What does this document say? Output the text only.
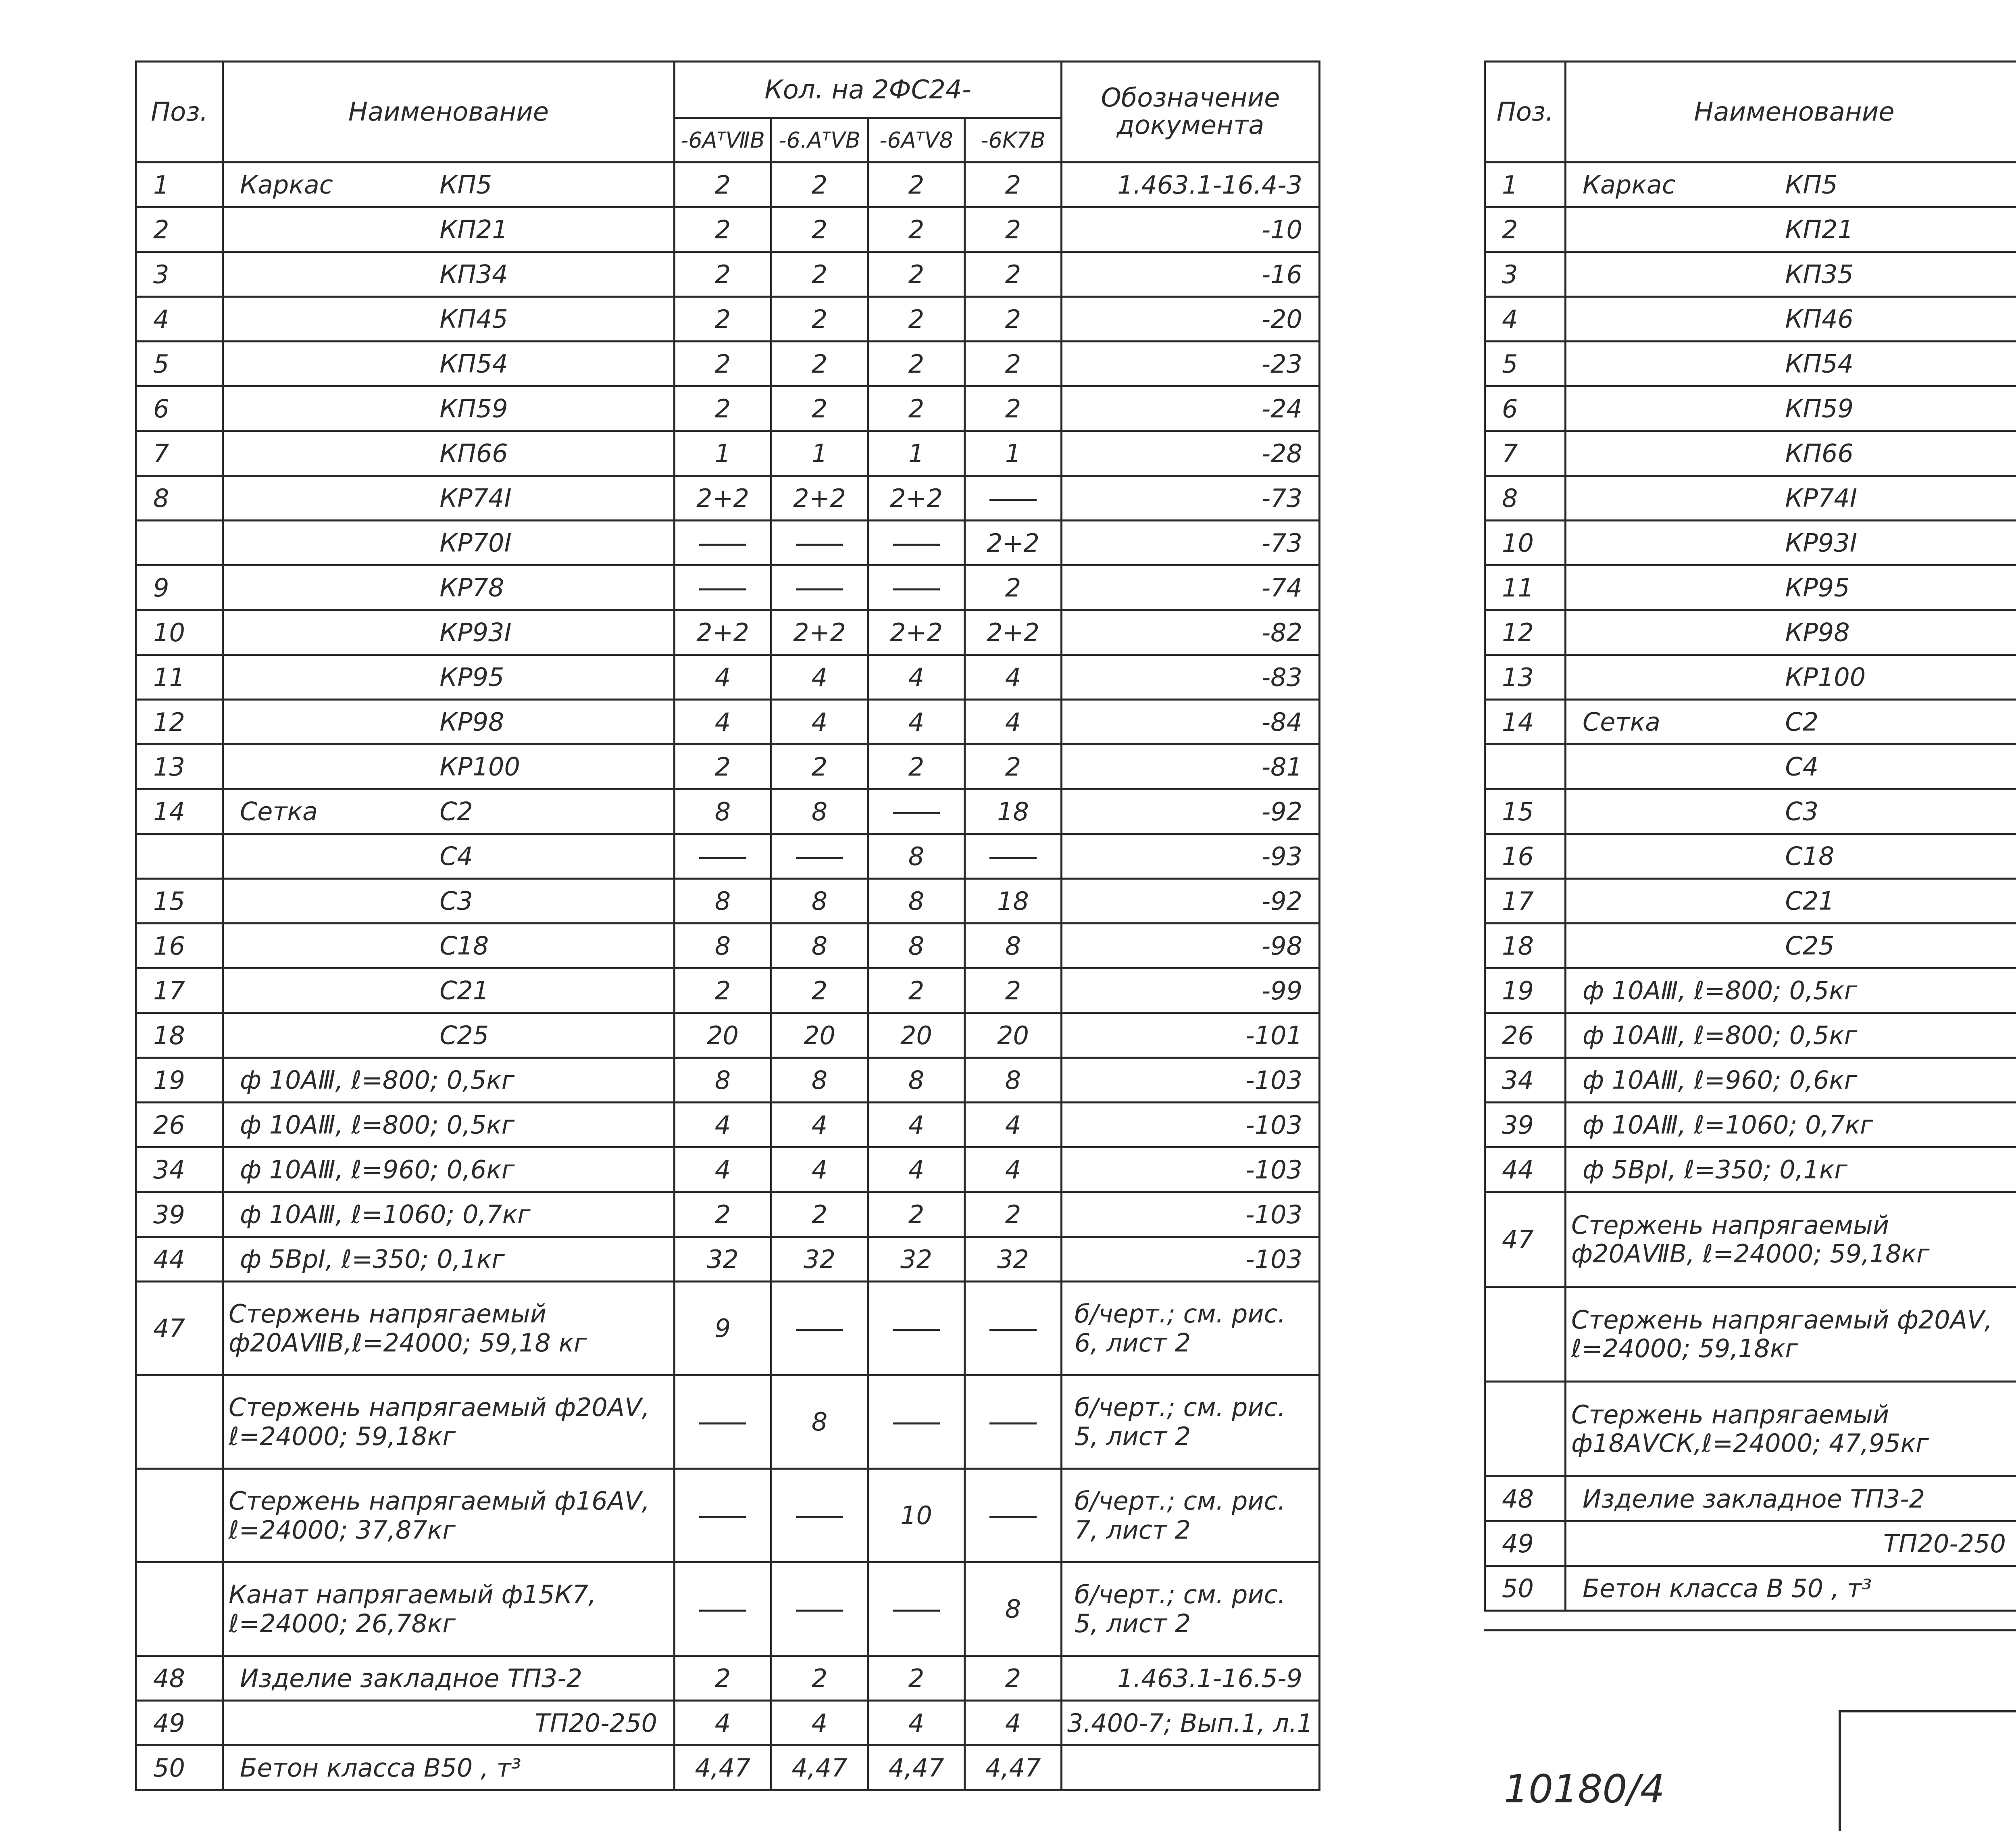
Поз.	Наименование	Кол. на 2ФС24-				Обозначение документа
		-6AᵀⅦB	-6.AᵀⅤB	-6AᵀⅤ8	-6K7B	
1	Каркас КП5	2	2	2	2	1.463.1-16.4-3
2	КП21	2	2	2	2	-10
3	КП34	2	2	2	2	-16
4	КП45	2	2	2	2	-20
5	КП54	2	2	2	2	-23
6	КП59	2	2	2	2	-24
7	КП66	1	1	1	1	-28
8	КР74Ⅰ	2+2	2+2	2+2		-73

	КР70Ⅰ				2+2	-73
9	КР78				2	-74
10	КР93Ⅰ	2+2	2+2	2+2	2+2	-82
11	КР95	4	4	4	4	-83
12	КР98	4	4	4	4	-84
13	КР100	2	2	2	2	-81
14	Сетка С2	8	8		18	-92

	С4			8		-93
15	С3	8	8	8	18	-92
16	С18	8	8	8	8	-98
17	С21	2	2	2	2	-99
18	С25	20	20	20	20	-101
19	ф 10АⅢ, ℓ=800; 0,5кг	8	8	8	8	-103
26	ф 10АⅢ, ℓ=800; 0,5кг	4	4	4	4	-103
34	ф 10АⅢ, ℓ=960; 0,6кг	4	4	4	4	-103
39	ф 10АⅢ, ℓ=1060; 0,7кг	2	2	2	2	-103
44	ф 5ВрⅠ, ℓ=350; 0,1кг	32	32	32	32	-103
47	Стержень напрягаемый ф20АⅦВ,ℓ=24000; 59,18 кг	9				б/черт.; см. рис. 6, лист 2
	Стержень напрягаемый ф20АⅤ, ℓ=24000; 59,18кг		8			б/черт.; см. рис. 5, лист 2
	Стержень напрягаемый ф16АⅤ, ℓ=24000; 37,87кг			10		б/черт.; см. рис. 7, лист 2
	Канат напрягаемый ф15К7, ℓ=24000; 26,78кг				8	б/черт.; см. рис. 5, лист 2
48	Изделие закладное ТП3-2	2	2	2	2	1.463.1-16.5-9
49	ТП20-250	4	4	4	4	3.400-7; Вып.1, л.1
50	Бетон класса В50 , т³	4,47	4,47	4,47	4,47	
Поз.	Наименование		

1	Каркас КП5

2	КП21

3	КП35

4	КП46

5	КП54

6	КП59

7	КП66

8	КР74Ⅰ

10	КР93Ⅰ

11	КР95

12	КР98

13	КР100

14	Сетка С2

	С4

15	С3

16	С18

17	С21

18	С25

19	ф 10АⅢ, ℓ=800; 0,5кг

26	ф 10АⅢ, ℓ=800; 0,5кг

34	ф 10АⅢ, ℓ=960; 0,6кг

39	ф 10АⅢ, ℓ=1060; 0,7кг

44	ф 5ВрⅠ, ℓ=350; 0,1кг

47	Стержень напрягаемый ф20АⅦВ, ℓ=24000; 59,18кг				
	Стержень напрягаемый ф20АⅤ, ℓ=24000; 59,18кг				
	Стержень напрягаемый ф18АⅤСК,ℓ=24000; 47,95кг				
48	Изделие закладное ТП3-2				
49	ТП20-250				
50	Бетон класса В 50 , т³				
10180/4
